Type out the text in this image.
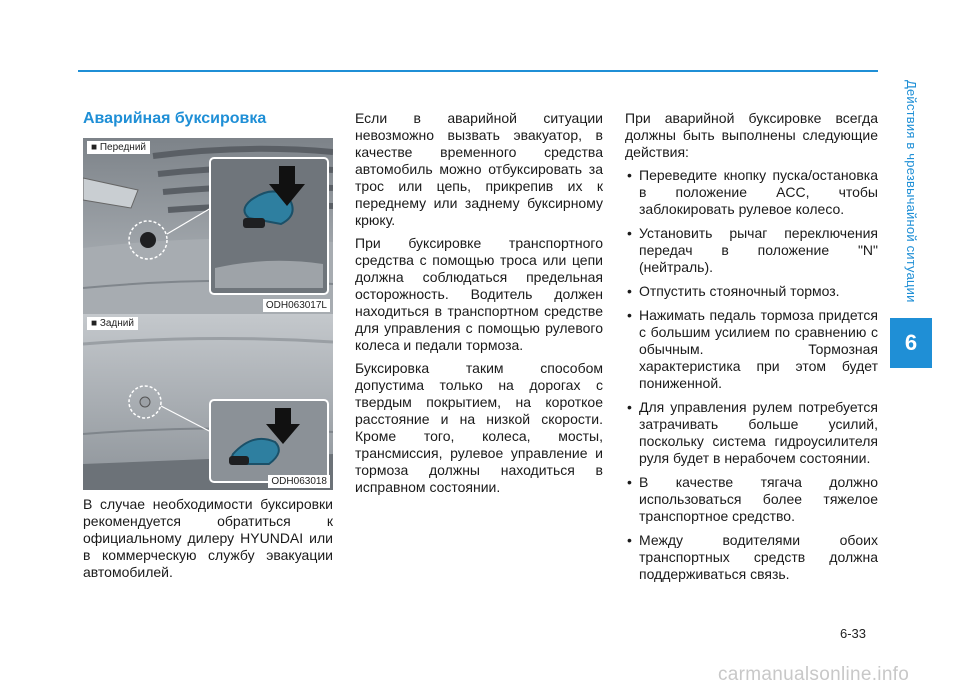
Действия в чрезвычайной ситуации
6
Аварийная буксировка
■ Передний
ODH063017L
■ Задний
ODH063018

В случае необходимости буксировки рекомендуется обратиться к официальному дилеру HYUNDAI или в коммерческую службу эвакуации автомобилей.

Если в аварийной ситуации невозможно вызвать эвакуатор, в качестве временного средства автомобиль можно отбуксировать за трос или цепь, прикрепив их к переднему или заднему буксирному крюку.

При буксировке транспортного средства с помощью троса или цепи должна соблюдаться предельная осторожность. Водитель должен находиться в транспортном средстве для управления с помощью рулевого колеса и педали тормоза.

Буксировка таким способом допустима только на дорогах с твердым покрытием, на короткое расстояние и на низкой скорости. Кроме того, колеса, мосты, трансмиссия, рулевое управление и тормоза должны находиться в исправном состоянии.

При аварийной буксировке всегда должны быть выполнены следующие действия:

• Переведите кнопку пуска/остановка в положение ACC, чтобы заблокировать рулевое колесо.
• Установить рычаг переключения передач в положение "N" (нейтраль).
• Отпустить стояночный тормоз.
• Нажимать педаль тормоза придется с большим усилием по сравнению с обычным. Тормозная характеристика при этом будет пониженной.
• Для управления рулем потребуется затрачивать больше усилий, поскольку система гидроусилителя руля будет в нерабочем состоянии.
• В качестве тягача должно использоваться более тяжелое транспортное средство.
• Между водителями обоих транспортных средств должна поддерживаться связь.
6-33
carmanualsonline.info
